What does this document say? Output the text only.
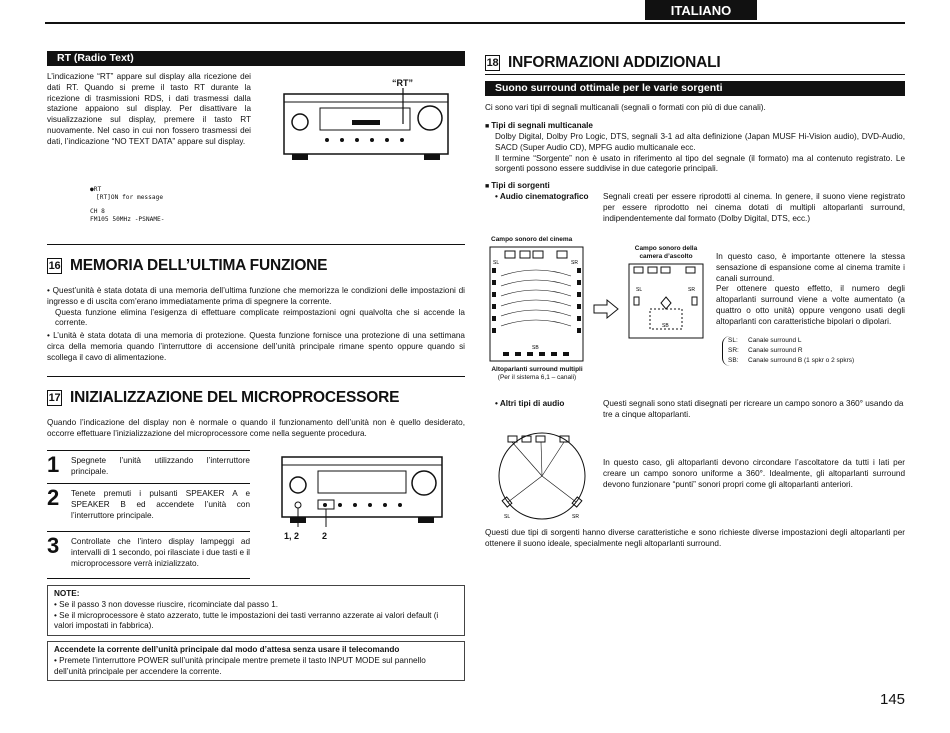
ITALIANO
RT (Radio Text)
L’indicazione “RT” appare sul display alla ricezione dei dati RT. Quando si preme il tasto RT durante la ricezione di trasmissioni RDS, i dati trasmessi dalla stazione appaiono sul display. Per disattivare la visualizzazione sul display, premere il tasto RT nuovamente. Nel caso in cui non fossero trasmessi dei dati, l’indicazione “NO TEXT DATA” appare sul display.
“RT”
●RT
[RT]ON for message
CH 8
FM105 50MHz -PSNAME-
16 MEMORIA DELL’ULTIMA FUNZIONE
• Quest’unità è stata dotata di una memoria dell’ultima funzione che memorizza le condizioni delle impostazioni di ingresso e di uscita com’erano immediatamente prima di spegnere la corrente.
Questa funzione elimina l’esigenza di effettuare complicate reimpostazioni ogni qualvolta che si accende la corrente.
• L’unità è stata dotata di una memoria di protezione. Questa funzione fornisce una protezione di una settimana circa della memoria quando l’interruttore di accensione dell’unità principale rimane spento oppure quando si scollega il cavo di alimentazione.
17 INIZIALIZZAZIONE DEL MICROPROCESSORE
Quando l’indicazione del display non è normale o quando il funzionamento dell’unità non è quello desiderato, occorre effettuare l’inizializzazione del microprocessore come nella seguente procedura.
1 Spegnete l’unità utilizzando l’interruttore principale.
2 Tenete premuti i pulsanti SPEAKER A e SPEAKER B ed accendete l’unità con l’interruttore principale.
3 Controllate che l’intero display lampeggi ad intervalli di 1 secondo, poi rilasciate i due tasti e il microprocessore verrà inizializzato.
1, 2	2
NOTE:
• Se il passo 3 non dovesse riuscire, ricominciate dal passo 1.
• Se il microprocessore è stato azzerato, tutte le impostazioni dei tasti verranno azzerate ai valori default (i valori impostati in fabbrica).
Accendete la corrente dell’unità principale dal modo d’attesa senza usare il telecomando
• Premete l’interruttore POWER sull’unità principale mentre premete il tasto INPUT MODE sul pannello dell’unità principale per accendere la corrente.
18 INFORMAZIONI ADDIZIONALI
Suono surround ottimale per le varie sorgenti
Ci sono vari tipi di segnali multicanali (segnali o formati con più di due canali).
■ Tipi di segnali multicanale
Dolby Digital, Dolby Pro Logic, DTS, segnali 3-1 ad alta definizione (Japan MUSF Hi-Vision audio), DVD-Audio, SACD (Super Audio CD), MPFG audio multicanale ecc.
Il termine “Sorgente” non è usato in riferimento al tipo del segnale (il formato) ma al contenuto registrato. Le sorgenti possono essere suddivise in due categorie principali.
■ Tipi di sorgenti
• Audio cinematografico Segnali creati per essere riprodotti al cinema. In genere, il suono viene registrato per essere riprodotto nei cinema dotati di multipli altoparlanti surround, indipendentemente dal formato (Dolby Digital, DTS, ecc.)
Campo sonoro del cinema
SB
SL	SR
Campo sonoro della camera d’ascolto
SL	SR
SB
Altoparlanti surround multipli
(Per il sistema 6,1 – canali)
In questo caso, è importante ottenere la stessa sensazione di espansione come al cinema tramite i canali surround.
Per ottenere questo effetto, il numero degli altoparlanti surround viene a volte aumentato (a quattro o otto unità) oppure vengono usati degli altoparlanti con caratteristiche bipolari o dipolari.
SL: Canale surround L
SR: Canale surround R
SB: Canale surround B (1 spkr o 2 spkrs)
• Altri tipi di audio	Questi segnali sono stati disegnati per ricreare un campo sonoro a 360° usando da tre a cinque altoparlanti.
SL	SR
In questo caso, gli altoparlanti devono circondare l’ascoltatore da tutti i lati per creare un campo sonoro uniforme a 360°. Idealmente, gli altoparlanti surround devono funzionare “punti” sonori propri come gli altoparlanti anteriori.
Questi due tipi di sorgenti hanno diverse caratteristiche e sono richieste diverse impostazioni degli altoparlanti per ottenere il suono ideale, specialmente negli altoparlanti surround.
145
